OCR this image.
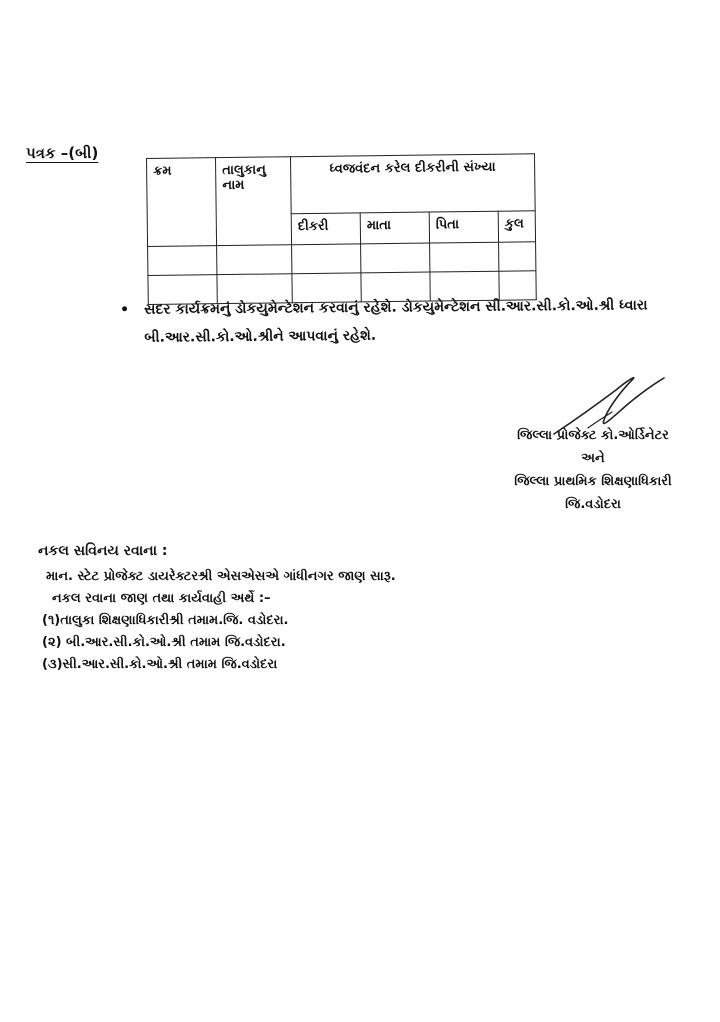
પત્રક –(બી)
ક્રમ	તાલુકાનુ નામ	ધ્વજવંદન કરેલ દીકરીની સંખ્યા			
		દીકરી	માતા	પિતા	કુલ

•	સદર કાર્યક્રમનું ડોકયુમેન્ટેશન કરવાનું રહેશે. ડોકયુમેન્ટેશન સી.આર.સી.કો.ઓ.શ્રી ધ્વારા બી.આર.સી.કો.ઓ.શ્રીને આપવાનું રહેશે.
જિલ્લા પ્રોજેક્ટ કો.ઓર્ડિનેટર
અને
જિલ્લા પ્રાથમિક શિક્ષણાધિકારી
જિ.વડોદરા
નકલ સવિનય રવાના :
માન. સ્ટેટ પ્રોજેક્ટ ડાયરેક્ટરશ્રી એસએસએ ગાંધીનગર જાણ સારૂ.
નકલ રવાના જાણ તથા કાર્યવાહી અર્થે :–
(૧)તાલુકા શિક્ષણાધિકારીશ્રી તમામ.જિ. વડોદરા.
(૨) બી.આર.સી.કો.ઓ.શ્રી તમામ જિ.વડોદરા.
(૩)સી.આર.સી.કો.ઓ.શ્રી તમામ જિ.વડોદરા
